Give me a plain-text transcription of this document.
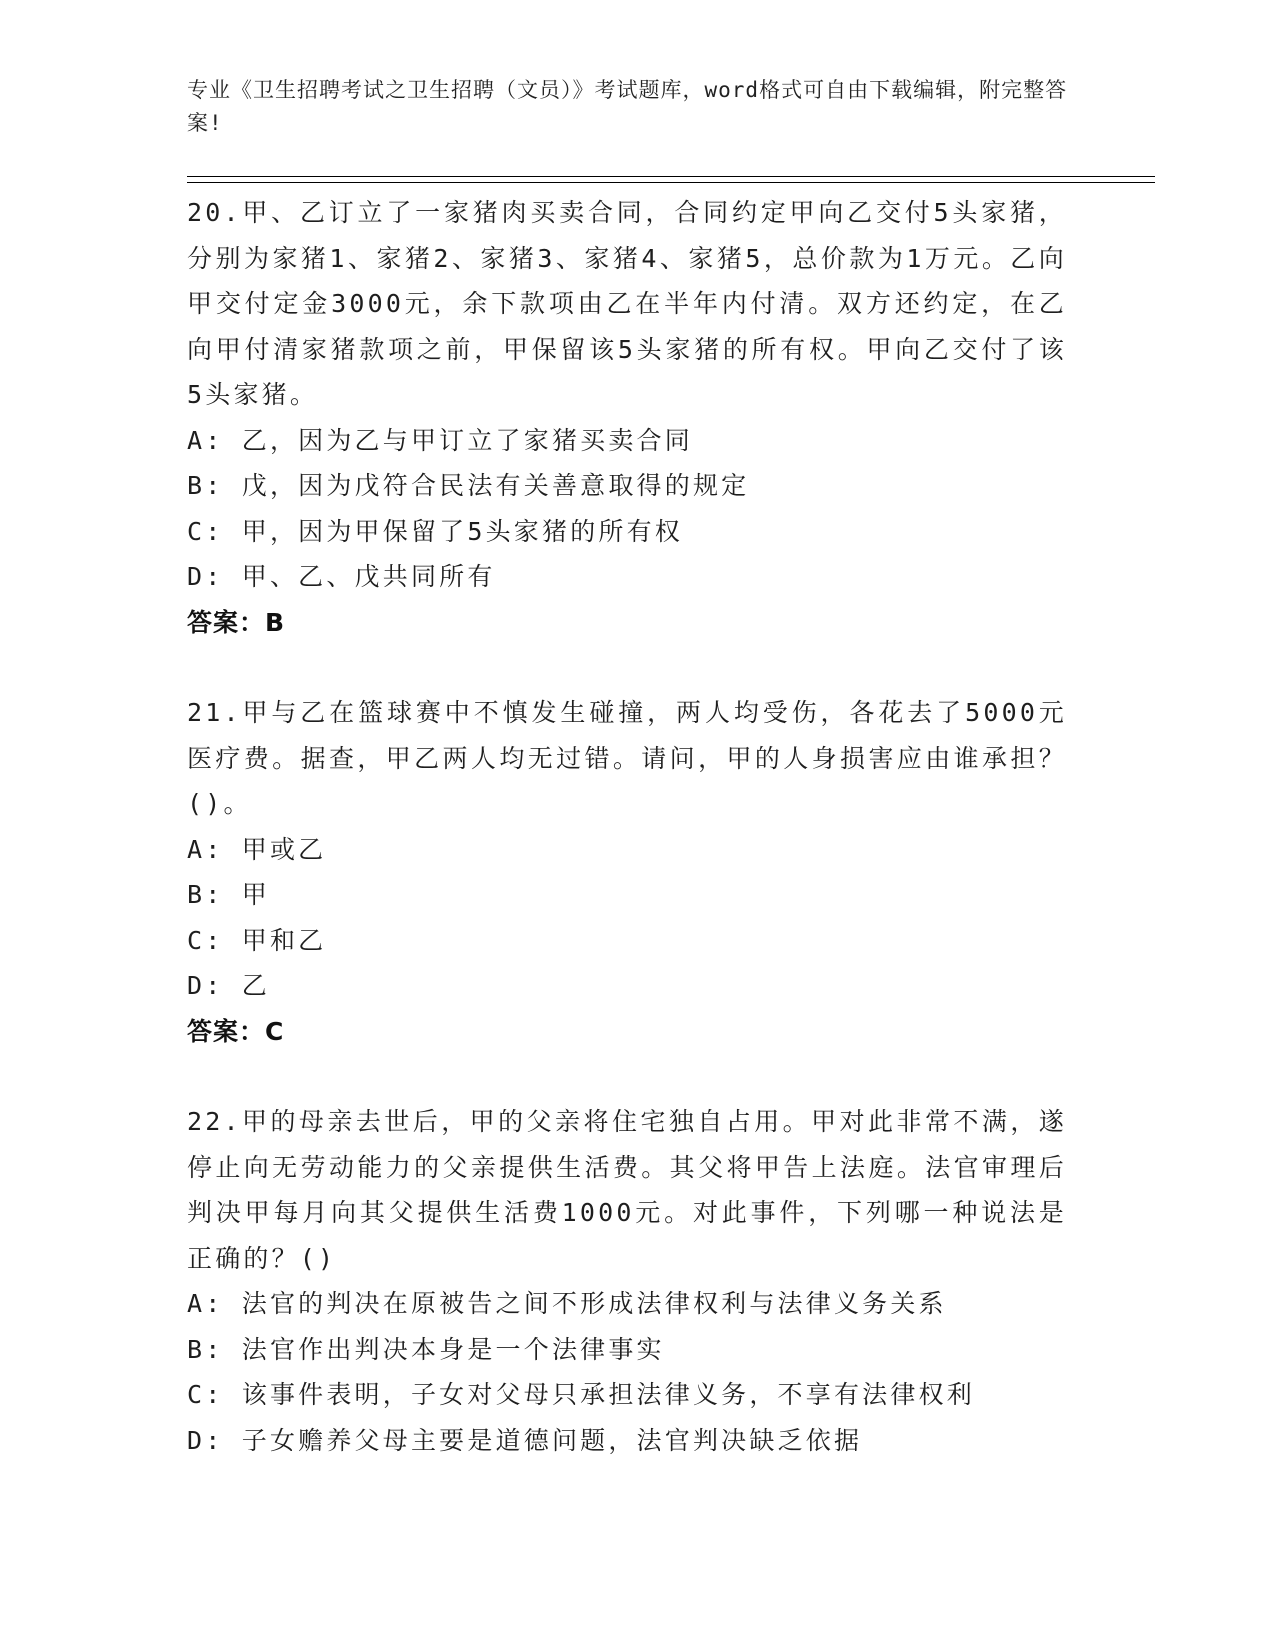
专业《卫生招聘考试之卫生招聘（文员）》考试题库，word格式可自由下载编辑，附完整答案!

20.甲、乙订立了一家猪肉买卖合同，合同约定甲向乙交付5头家猪，分别为家猪1、家猪2、家猪3、家猪4、家猪5，总价款为1万元。乙向甲交付定金3000元，余下款项由乙在半年内付清。双方还约定，在乙向甲付清家猪款项之前，甲保留该5头家猪的所有权。甲向乙交付了该5头家猪。

A: 乙，因为乙与甲订立了家猪买卖合同

B: 戊，因为戊符合民法有关善意取得的规定

C: 甲，因为甲保留了5头家猪的所有权

D: 甲、乙、戊共同所有

答案：B

21.甲与乙在篮球赛中不慎发生碰撞，两人均受伤，各花去了5000元医疗费。据查，甲乙两人均无过错。请问，甲的人身损害应由谁承担？()。

A: 甲或乙

B: 甲

C: 甲和乙

D: 乙

答案：C

22.甲的母亲去世后，甲的父亲将住宅独自占用。甲对此非常不满，遂停止向无劳动能力的父亲提供生活费。其父将甲告上法庭。法官审理后判决甲每月向其父提供生活费1000元。对此事件，下列哪一种说法是正确的？()

A: 法官的判决在原被告之间不形成法律权利与法律义务关系

B: 法官作出判决本身是一个法律事实

C: 该事件表明，子女对父母只承担法律义务，不享有法律权利

D: 子女赡养父母主要是道德问题，法官判决缺乏依据
